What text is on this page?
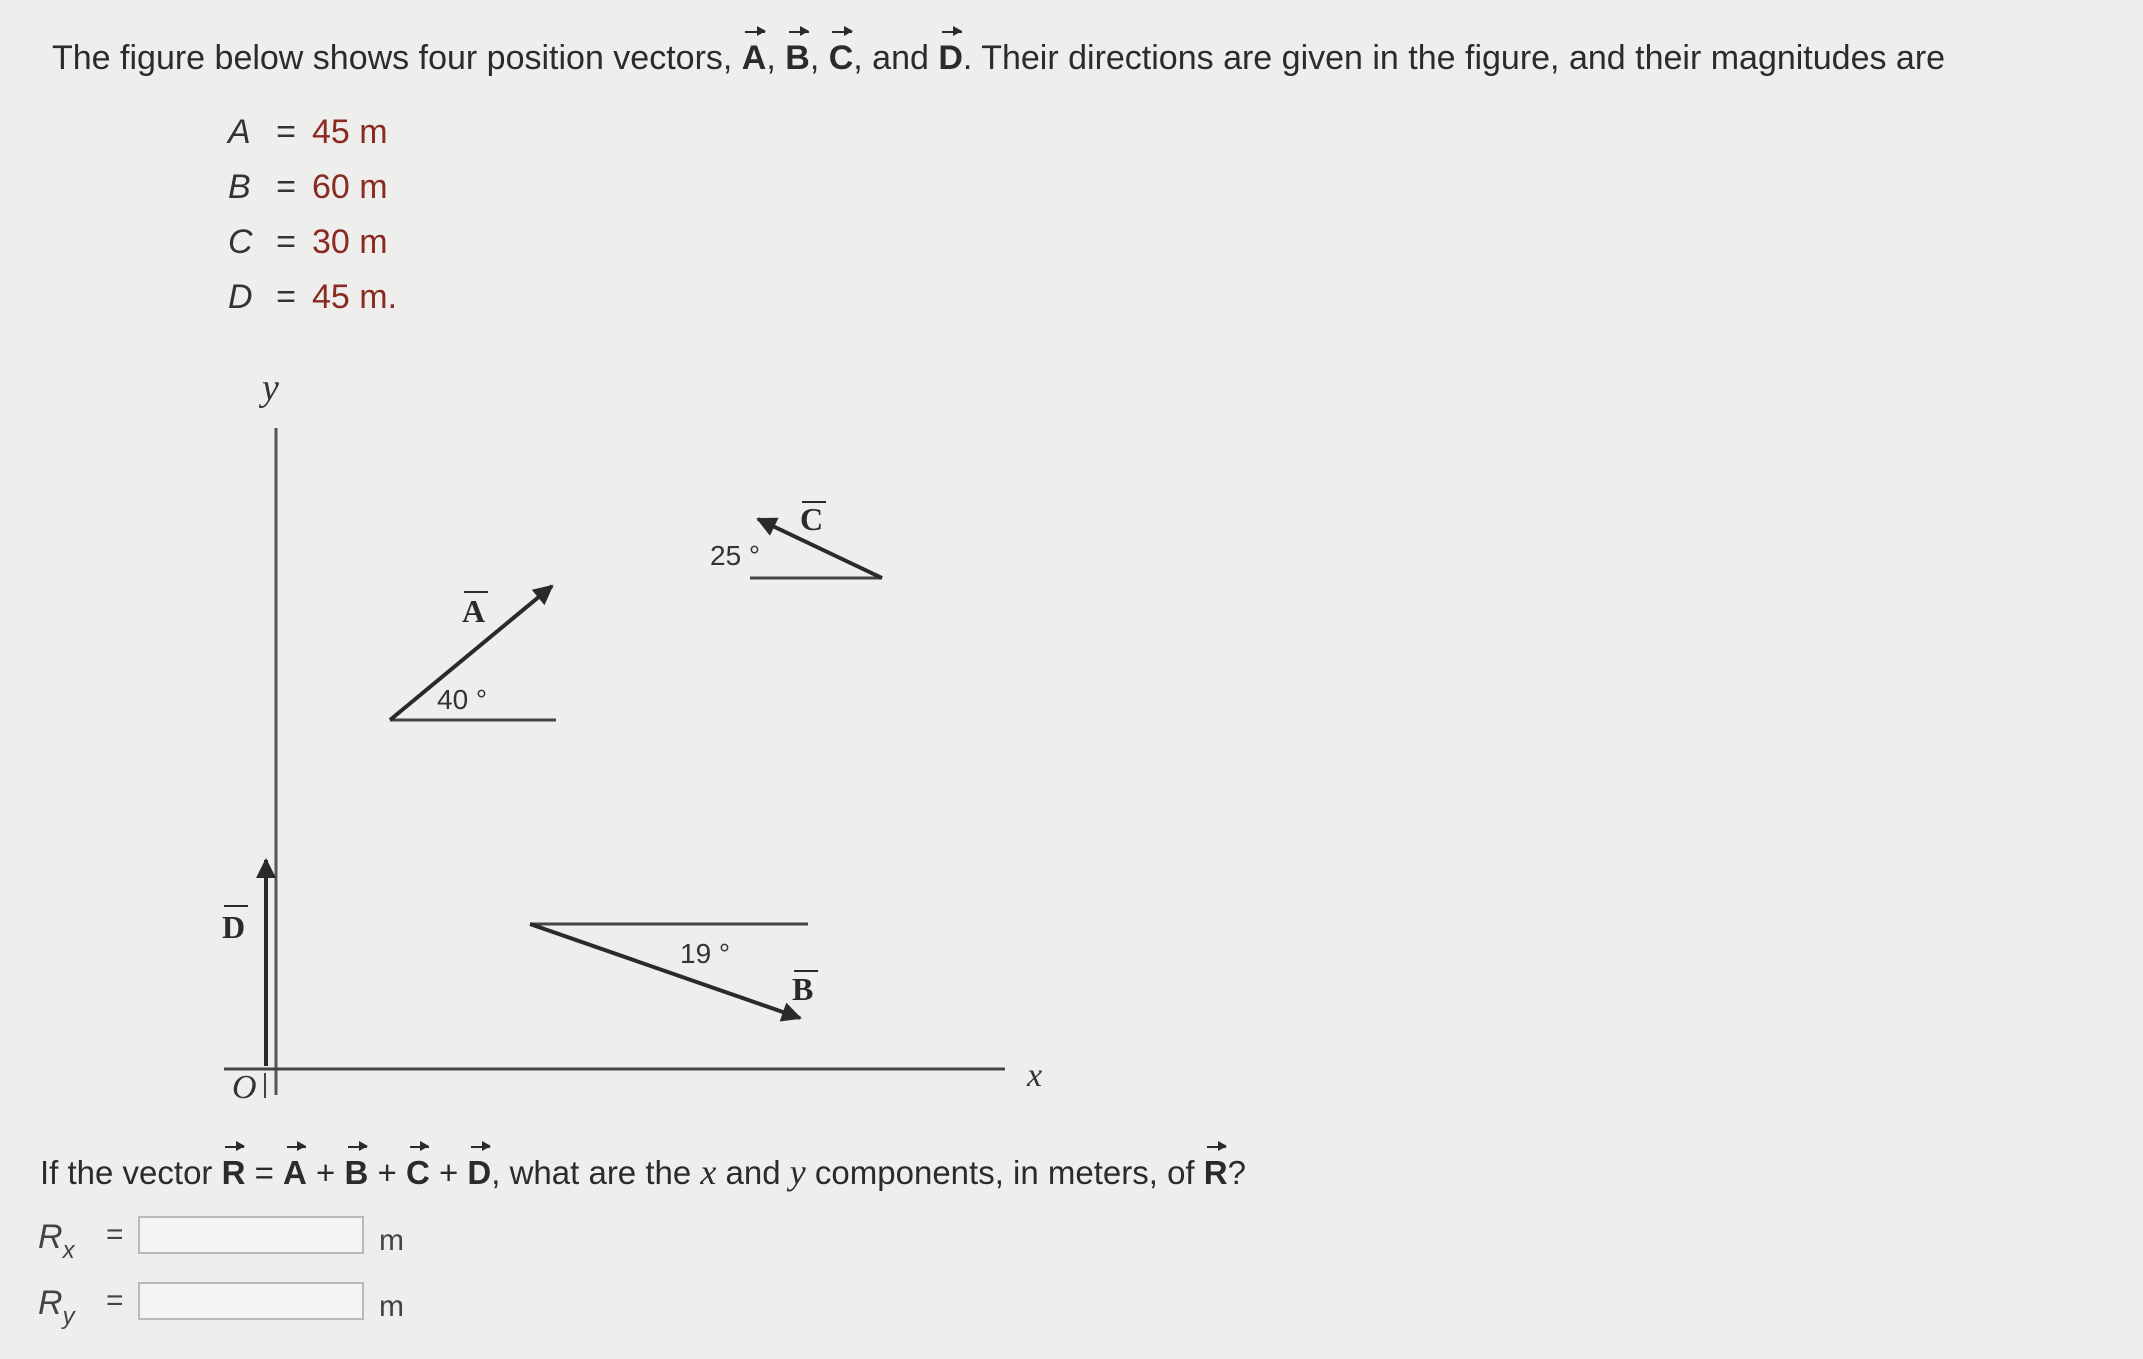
The figure below shows four position vectors, A, B, C, and D. Their directions are given in the figure, and their magnitudes are
A = 45 m
B = 60 m
C = 30 m
D = 45 m.
y
x
O
D
40 °
A
25 °
C
19 °
B
If the vector R = A + B + C + D, what are the x and y components, in meters, of R?
$R_x$ =	m
$R_y$ =	m
